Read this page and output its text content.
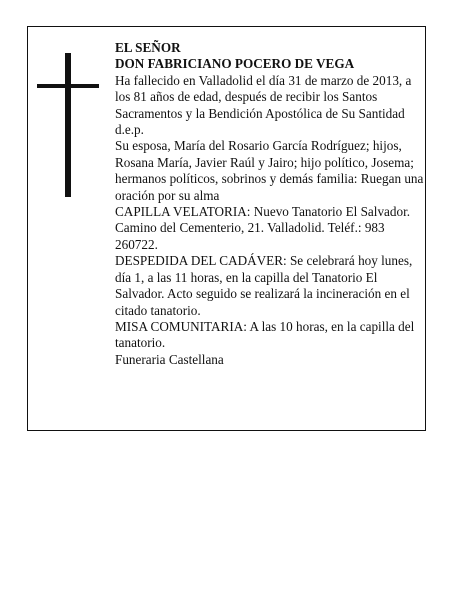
EL SEÑOR

DON FABRICIANO POCERO DE VEGA

Ha fallecido en Valladolid el día 31 de marzo de 2013, a los 81 años de edad, después de recibir los Santos Sacramentos y la Bendición Apostólica de Su Santidad d.e.p.

Su esposa, María del Rosario García Rodríguez; hijos, Rosana María, Javier Raúl y Jairo; hijo político, Josema; hermanos políticos, sobrinos y demás familia: Ruegan una oración por su alma

CAPILLA VELATORIA: Nuevo Tanatorio El Salvador. Camino del Cementerio, 21. Valladolid. Teléf.: 983 260722.

DESPEDIDA DEL CADÁVER: Se celebrará hoy lunes, día 1, a las 11 horas, en la capilla del Tanatorio El Salvador. Acto seguido se realizará la incineración en el citado tanatorio.

MISA COMUNITARIA: A las 10 horas, en la capilla del tanatorio.

Funeraria Castellana
